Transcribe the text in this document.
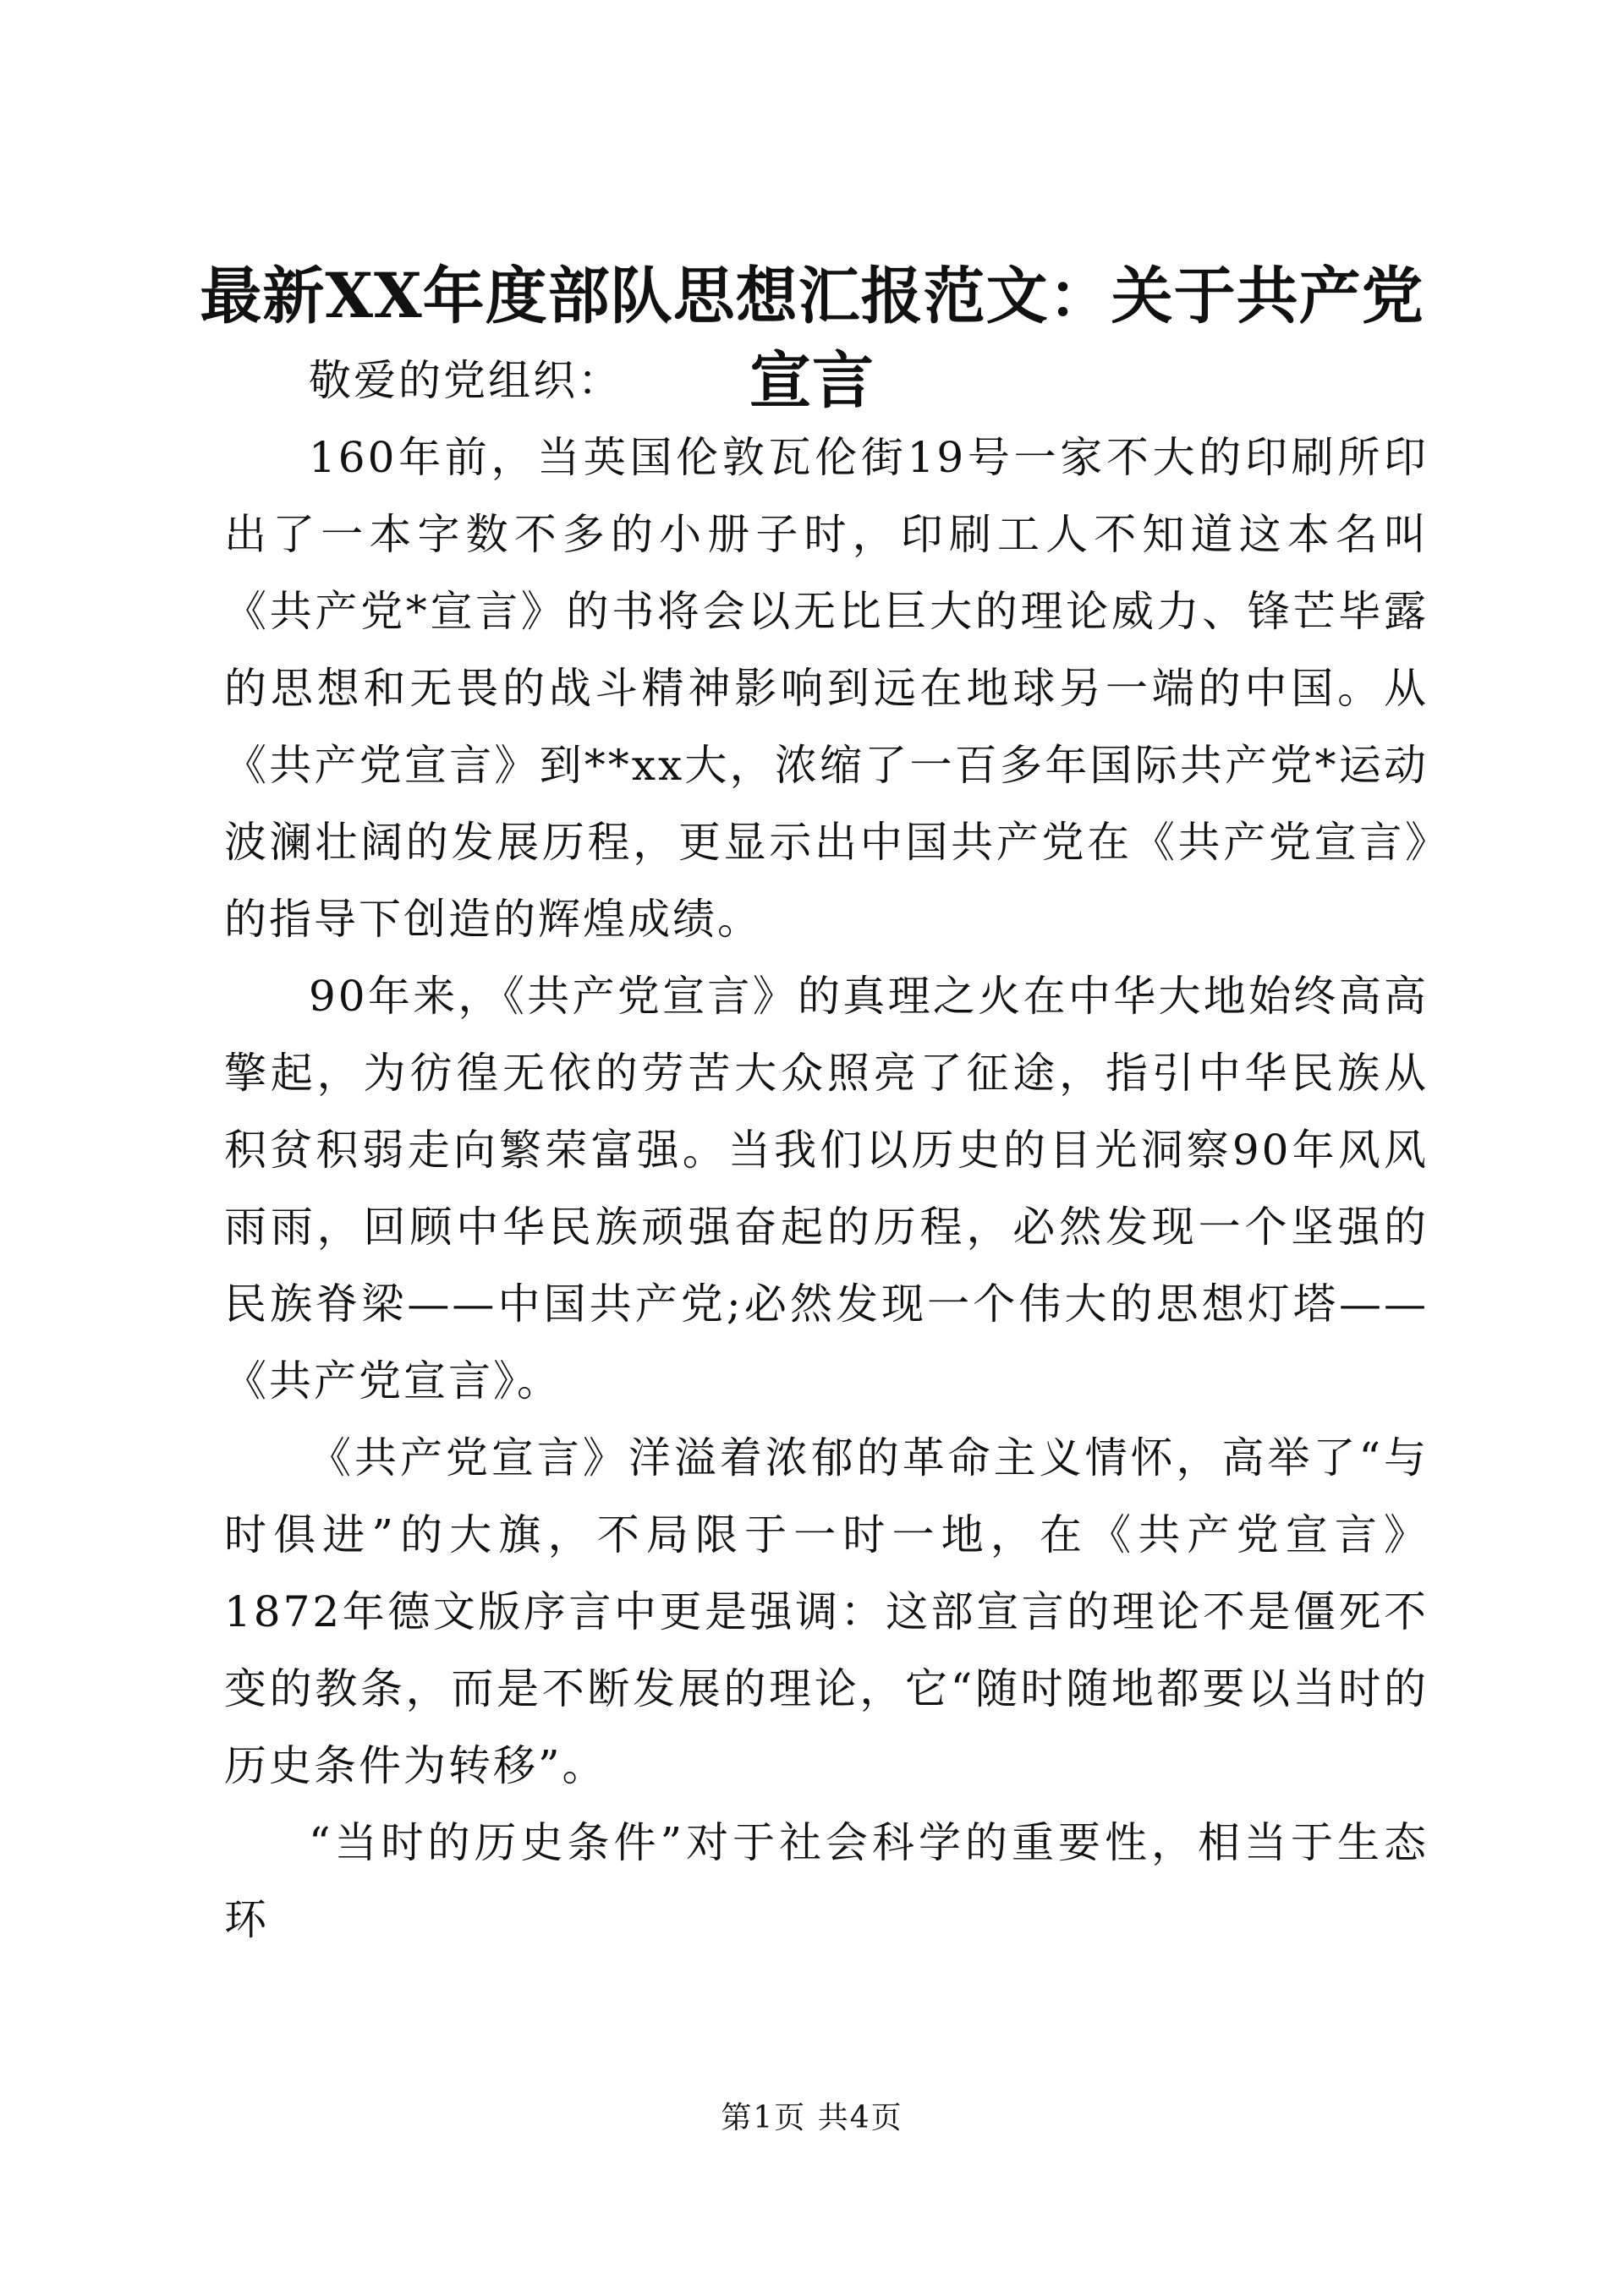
最新XX年度部队思想汇报范文：关于共产党
宣言

敬爱的党组织：

160年前，当英国伦敦瓦伦街19号一家不大的印刷所印出了一本字数不多的小册子时，印刷工人不知道这本名叫《共产党*宣言》的书将会以无比巨大的理论威力、锋芒毕露的思想和无畏的战斗精神影响到远在地球另一端的中国。从《共产党宣言》到**xx大，浓缩了一百多年国际共产党*运动波澜壮阔的发展历程，更显示出中国共产党在《共产党宣言》的指导下创造的辉煌成绩。

90年来，《共产党宣言》的真理之火在中华大地始终高高擎起，为彷徨无依的劳苦大众照亮了征途，指引中华民族从积贫积弱走向繁荣富强。当我们以历史的目光洞察90年风风雨雨，回顾中华民族顽强奋起的历程，必然发现一个坚强的民族脊梁——中国共产党;必然发现一个伟大的思想灯塔——《共产党宣言》。

《共产党宣言》洋溢着浓郁的革命主义情怀，高举了“与时俱进”的大旗，不局限于一时一地，在《共产党宣言》1872年德文版序言中更是强调：这部宣言的理论不是僵死不变的教条，而是不断发展的理论，它“随时随地都要以当时的历史条件为转移”。

“当时的历史条件”对于社会科学的重要性，相当于生态环

第1页 共4页
